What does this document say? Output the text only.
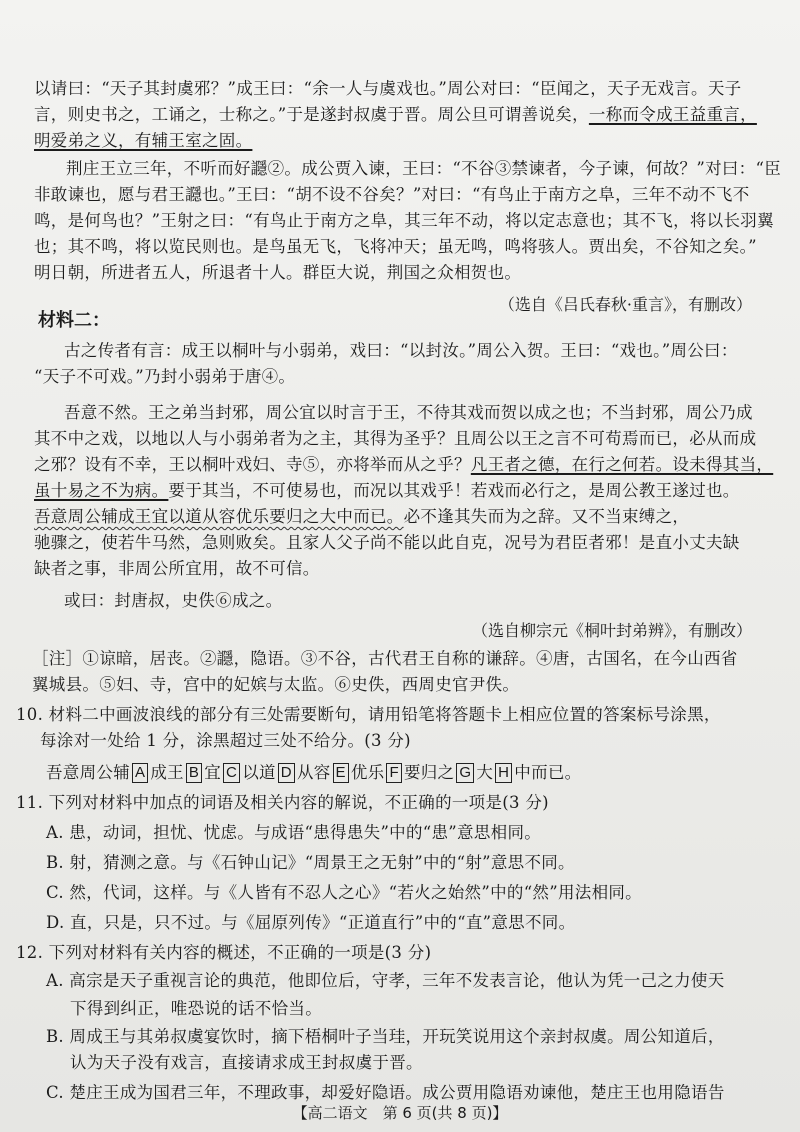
以请曰：“天子其封虞邪？”成王曰：“余一人与虞戏也。”周公对曰：“臣闻之，天子无戏言。天子
言，则史书之，工诵之，士称之。”于是遂封叔虞于晋。周公旦可谓善说矣，一称而令成王益重言，
明爱弟之义，有辅王室之固。
荆庄王立三年，不听而好讔②。成公贾入谏，王曰：“不谷③禁谏者，今子谏，何故？”对曰：“臣
非敢谏也，愿与君王讔也。”王曰：“胡不设不谷矣？”对曰：“有鸟止于南方之阜，三年不动不飞不
鸣，是何鸟也？”王射之曰：“有鸟止于南方之阜，其三年不动，将以定志意也；其不飞，将以长羽翼
也；其不鸣，将以览民则也。是鸟虽无飞，飞将冲天；虽无鸣，鸣将骇人。贾出矣，不谷知之矣。”
明日朝，所进者五人，所退者十人。群臣大说，荆国之众相贺也。
（选自《吕氏春秋·重言》，有删改）
材料二：
古之传者有言：成王以桐叶与小弱弟，戏曰：“以封汝。”周公入贺。王曰：“戏也。”周公曰：
“天子不可戏。”乃封小弱弟于唐④。
吾意不然。王之弟当封邪，周公宜以时言于王，不待其戏而贺以成之也；不当封邪，周公乃成
其不中之戏，以地以人与小弱弟者为之主，其得为圣乎？且周公以王之言不可苟焉而已，必从而成
之邪？设有不幸，王以桐叶戏妇、寺⑤，亦将举而从之乎？凡王者之德，在行之何若。设未得其当，
虽十易之不为病。要于其当，不可使易也，而况以其戏乎！若戏而必行之，是周公教王遂过也。
吾意周公辅成王宜以道从容优乐要归之大中而已。必不逢其失而为之辞。又不当束缚之，
驰骤之，使若牛马然，急则败矣。且家人父子尚不能以此自克，况号为君臣者邪！是直小丈夫缺
缺者之事，非周公所宜用，故不可信。
或曰：封唐叔，史佚⑥成之。
（选自柳宗元《桐叶封弟辨》，有删改）
［注］①谅暗，居丧。②讔，隐语。③不谷，古代君王自称的谦辞。④唐，古国名，在今山西省
翼城县。⑤妇、寺，宫中的妃嫔与太监。⑥史佚，西周史官尹佚。
10. 材料二中画波浪线的部分有三处需要断句，请用铅笔将答题卡上相应位置的答案标号涂黑，
每涂对一处给 1 分，涂黑超过三处不给分。(3 分)
吾意周公辅 A 成王 B 宜 C 以道 D 从容 E 优乐 F 要归之 G 大 H 中而已。
11. 下列对材料中加点的词语及相关内容的解说，不正确的一项是(3 分)
A. 患，动词，担忧、忧虑。与成语“患得患失”中的“患”意思相同。
B. 射，猜测之意。与《石钟山记》“周景王之无射”中的“射”意思不同。
C. 然，代词，这样。与《人皆有不忍人之心》“若火之始然”中的“然”用法相同。
D. 直，只是，只不过。与《屈原列传》“正道直行”中的“直”意思不同。
12. 下列对材料有关内容的概述，不正确的一项是(3 分)
A. 高宗是天子重视言论的典范，他即位后，守孝，三年不发表言论，他认为凭一己之力使天
下得到纠正，唯恐说的话不恰当。
B. 周成王与其弟叔虞宴饮时，摘下梧桐叶子当珪，开玩笑说用这个亲封叔虞。周公知道后，
认为天子没有戏言，直接请求成王封叔虞于晋。
C. 楚庄王成为国君三年，不理政事，却爱好隐语。成公贾用隐语劝谏他，楚庄王也用隐语告
【高二语文　第 6 页(共 8 页)】
